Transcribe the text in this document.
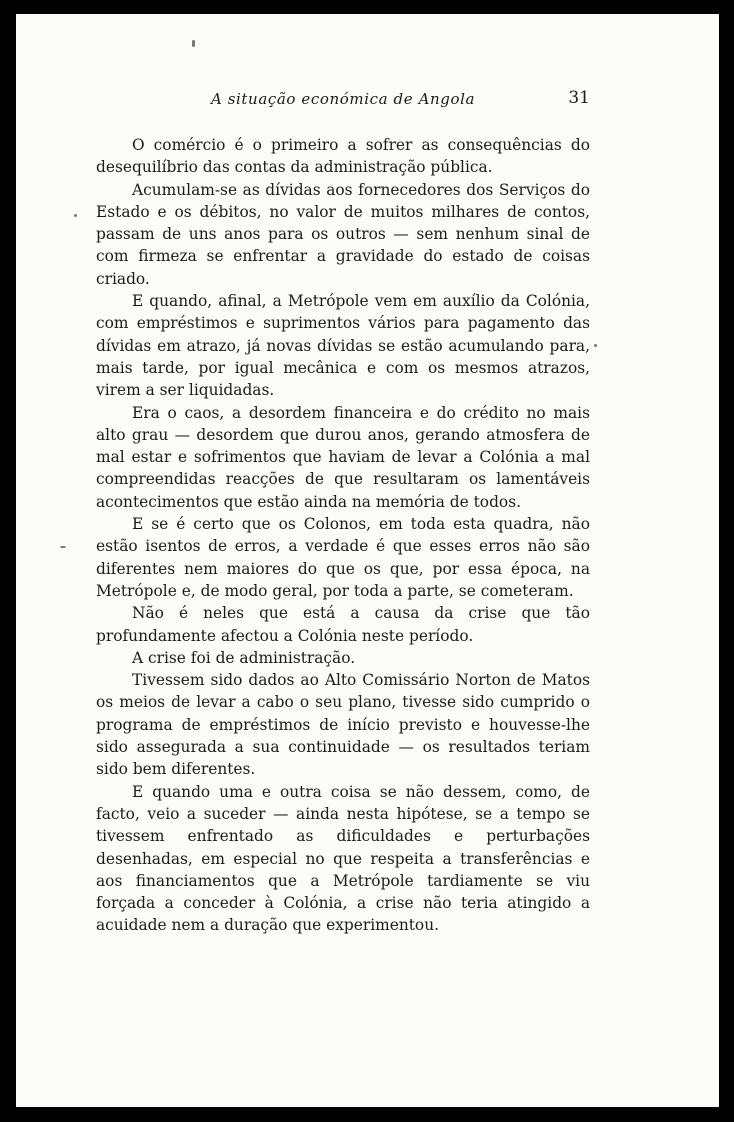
A situação económica de Angola	31

O comércio é o primeiro a sofrer as consequências do desequilíbrio das contas da administração pública.

Acumulam-se as dívidas aos fornecedores dos Serviços do Estado e os débitos, no valor de muitos milhares de contos, passam de uns anos para os outros — sem nenhum sinal de com firmeza se enfrentar a gravidade do estado de coisas criado.

E quando, afinal, a Metrópole vem em auxílio da Colónia, com empréstimos e suprimentos vários para pagamento das dívidas em atrazo, já novas dívidas se estão acumulando para, mais tarde, por igual mecânica e com os mesmos atrazos, virem a ser liquidadas.

Era o caos, a desordem financeira e do crédito no mais alto grau — desordem que durou anos, gerando atmosfera de mal estar e sofrimentos que haviam de levar a Colónia a mal compreendidas reacções de que resultaram os lamentáveis acontecimentos que estão ainda na memória de todos.

E se é certo que os Colonos, em toda esta quadra, não estão isentos de erros, a verdade é que esses erros não são diferentes nem maiores do que os que, por essa época, na Metrópole e, de modo geral, por toda a parte, se cometeram.

Não é neles que está a causa da crise que tão profundamente afectou a Colónia neste período.

A crise foi de administração.

Tivessem sido dados ao Alto Comissário Norton de Matos os meios de levar a cabo o seu plano, tivesse sido cumprido o programa de empréstimos de início previsto e houvesse-lhe sido assegurada a sua continuidade — os resultados teriam sido bem diferentes.

E quando uma e outra coisa se não dessem, como, de facto, veio a suceder — ainda nesta hipótese, se a tempo se tivessem enfrentado as dificuldades e perturbações desenhadas, em especial no que respeita a transferências e aos financiamentos que a Metrópole tardiamente se viu forçada a conceder à Colónia, a crise não teria atingido a acuidade nem a duração que experimentou.
